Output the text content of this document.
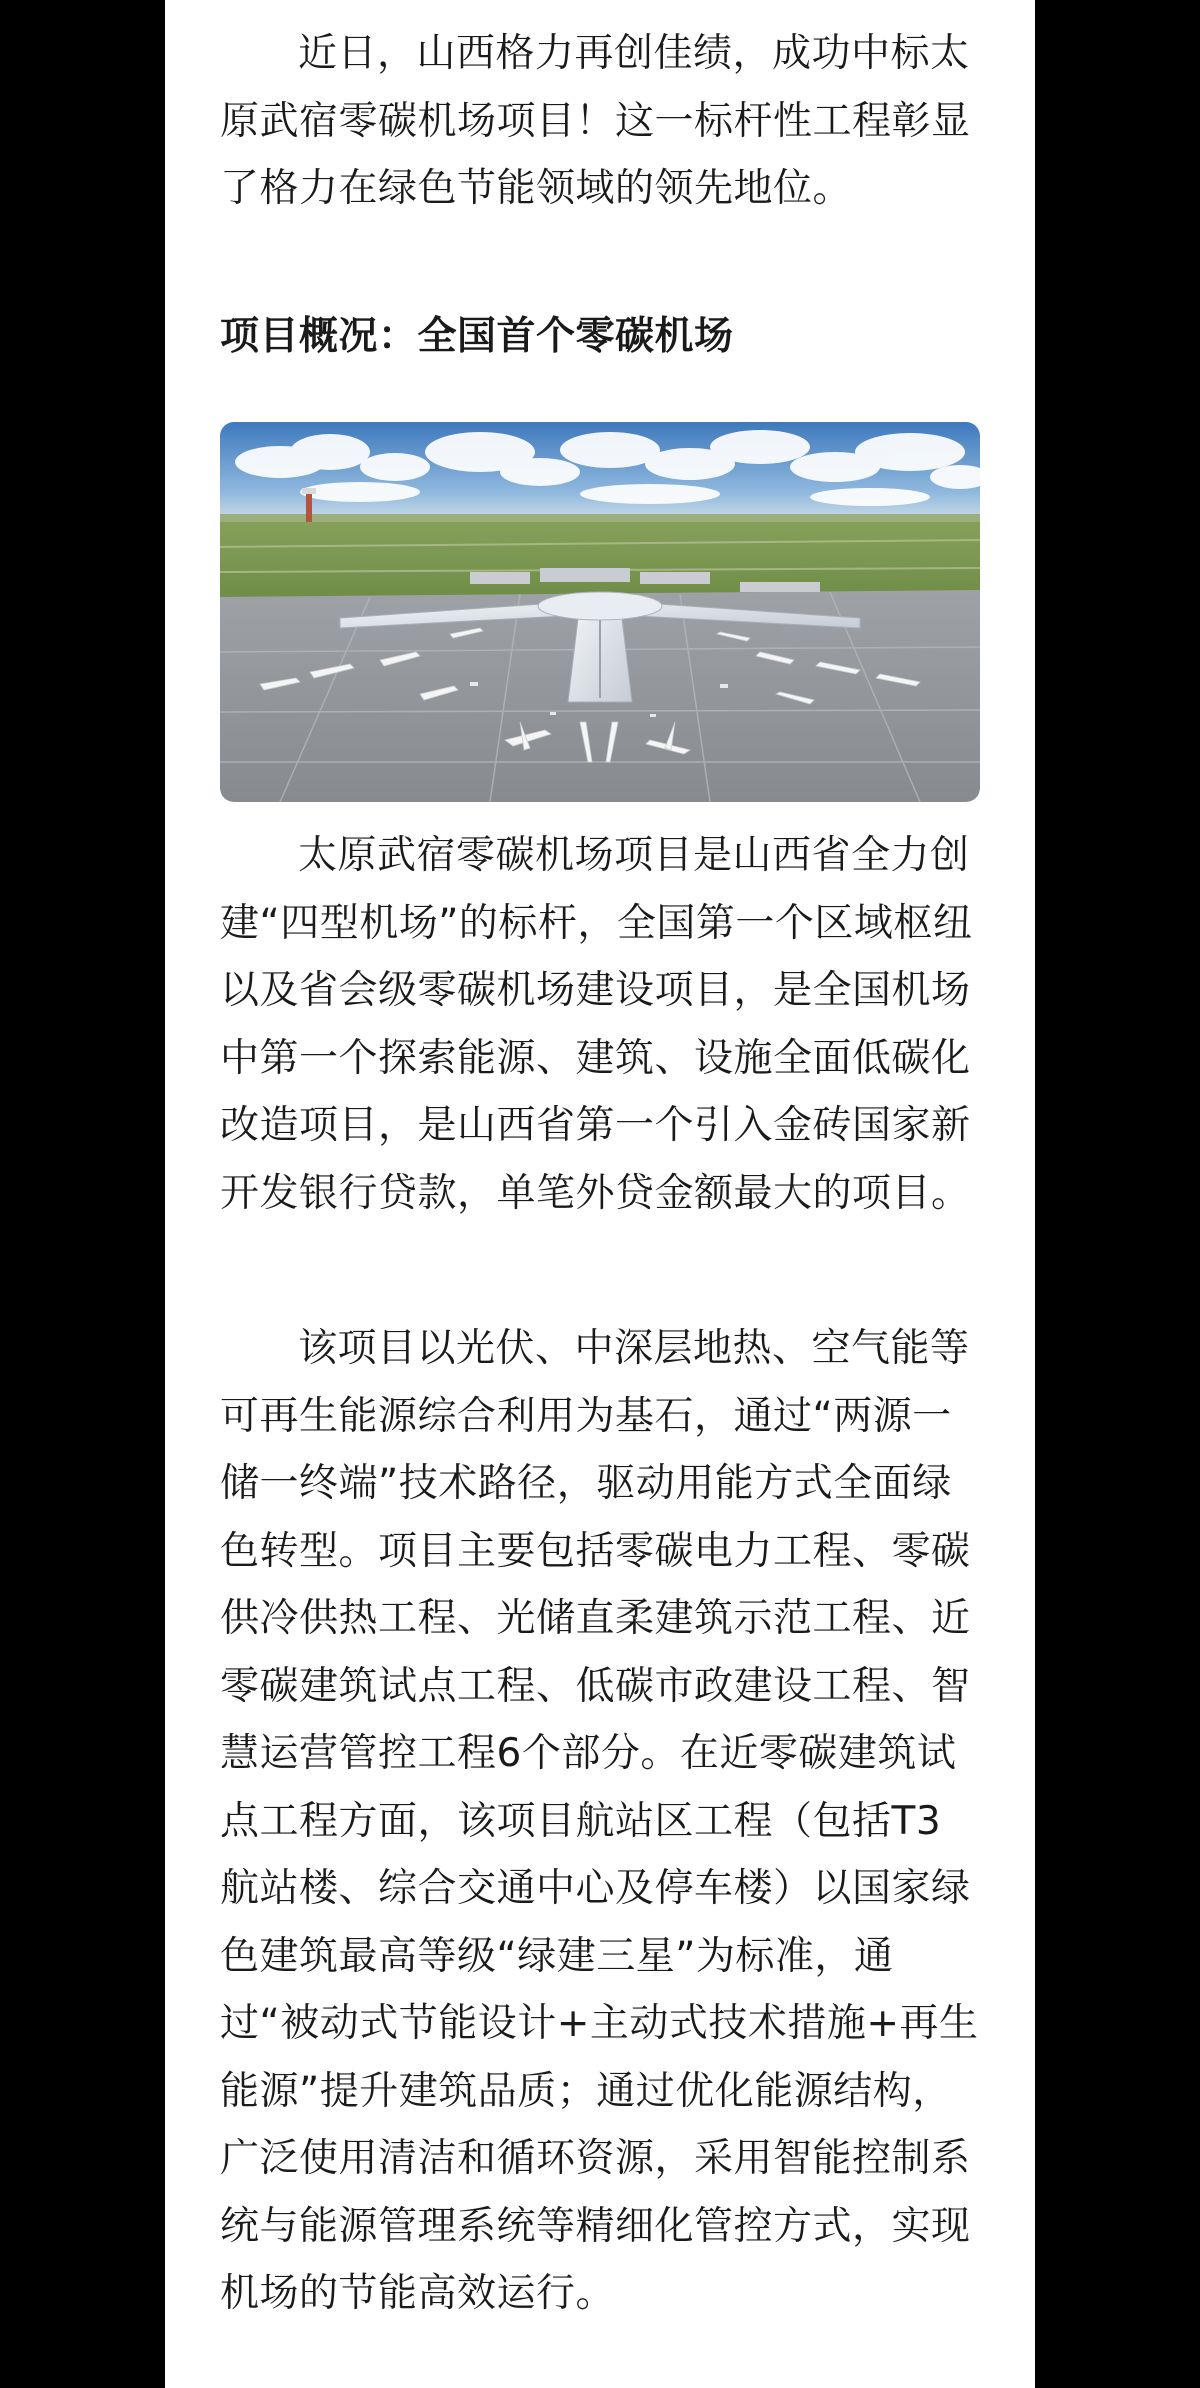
近日，山西格力再创佳绩，成功中标太原武宿零碳机场项目！这一标杆性工程彰显了格力在绿色节能领域的领先地位。

项目概况：全国首个零碳机场

太原武宿零碳机场项目是山西省全力创建“四型机场”的标杆，全国第一个区域枢纽以及省会级零碳机场建设项目，是全国机场中第一个探索能源、建筑、设施全面低碳化改造项目，是山西省第一个引入金砖国家新开发银行贷款，单笔外贷金额最大的项目。

该项目以光伏、中深层地热、空气能等可再生能源综合利用为基石，通过“两源一储一终端”技术路径，驱动用能方式全面绿色转型。项目主要包括零碳电力工程、零碳供冷供热工程、光储直柔建筑示范工程、近零碳建筑试点工程、低碳市政建设工程、智慧运营管控工程6个部分。在近零碳建筑试点工程方面，该项目航站区工程（包括T3航站楼、综合交通中心及停车楼）以国家绿色建筑最高等级“绿建三星”为标准，通过“被动式节能设计+主动式技术措施+再生能源”提升建筑品质；通过优化能源结构，广泛使用清洁和循环资源，采用智能控制系统与能源管理系统等精细化管控方式，实现机场的节能高效运行。
